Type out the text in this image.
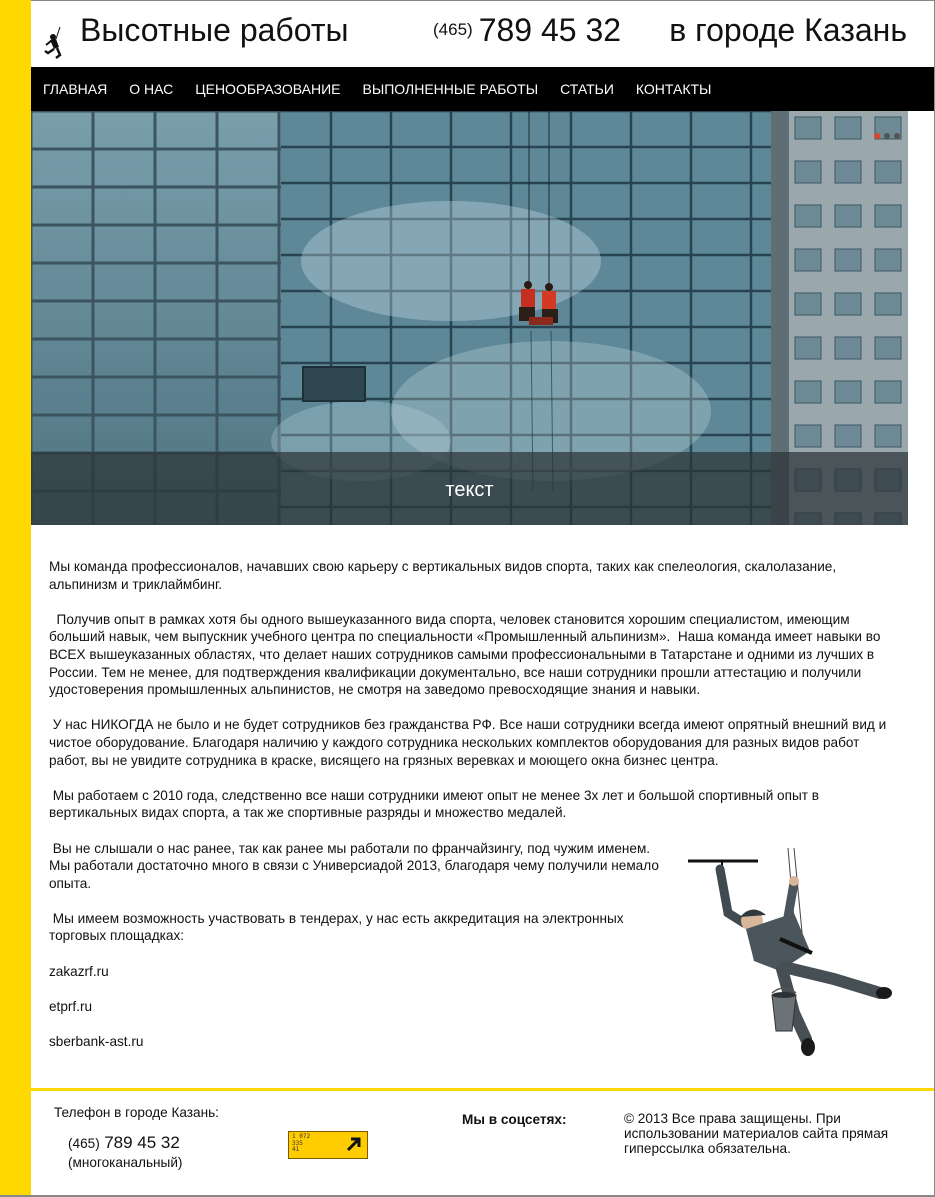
Высотные работы	(465) 789 45 32 в городе Казань
ГЛАВНАЯ	О НАС	ЦЕНООБРАЗОВАНИЕ	ВЫПОЛНЕННЫЕ РАБОТЫ	СТАТЬИ	КОНТАКТЫ
текст

Мы команда профессионалов, начавших свою карьеру с вертикальных видов спорта, таких как спелеология, скалолазание, альпинизм и триклаймбинг.

Получив опыт в рамках хотя бы одного вышеуказанного вида спорта, человек становится хорошим специалистом, имеющим больший навык, чем выпускник учебного центра по специальности «Промышленный альпинизм».  Наша команда имеет навыки во ВСЕХ вышеуказанных областях, что делает наших сотрудников самыми профессиональными в Татарстане и одними из лучших в России. Тем не менее, для подтверждения квалификации документально, все наши сотрудники прошли аттестацию и получили удостоверения промышленных альпинистов, не смотря на заведомо превосходящие знания и навыки.

У нас НИКОГДА не было и не будет сотрудников без гражданства РФ. Все наши сотрудники всегда имеют опрятный внешний вид и чистое оборудование. Благодаря наличию у каждого сотрудника нескольких комплектов оборудования для разных видов работ работ, вы не увидите сотрудника в краске, висящего на грязных веревках и моющего окна бизнес центра.

Мы работаем с 2010 года, следственно все наши сотрудники имеют опыт не менее 3х лет и большой спортивный опыт в вертикальных видах спорта, а так же спортивные разряды и множество медалей.

Вы не слышали о нас ранее, так как ранее мы работали по франчайзингу, под чужим именем. Мы работали достаточно много в связи с Универсиадой 2013, благодаря чему получили немало опыта.

Мы имеем возможность участвовать в тендерах, у нас есть аккредитация на электронных торговых площадках:

zakazrf.ru

etprf.ru

sberbank-ast.ru

Телефон в городе Казань:
(465) 789 45 32
(многоканальный)
1 072
335
41
Мы в соцсетях:	© 2013 Все права защищены. При использовании материалов сайта прямая гиперссылка обязательна.
